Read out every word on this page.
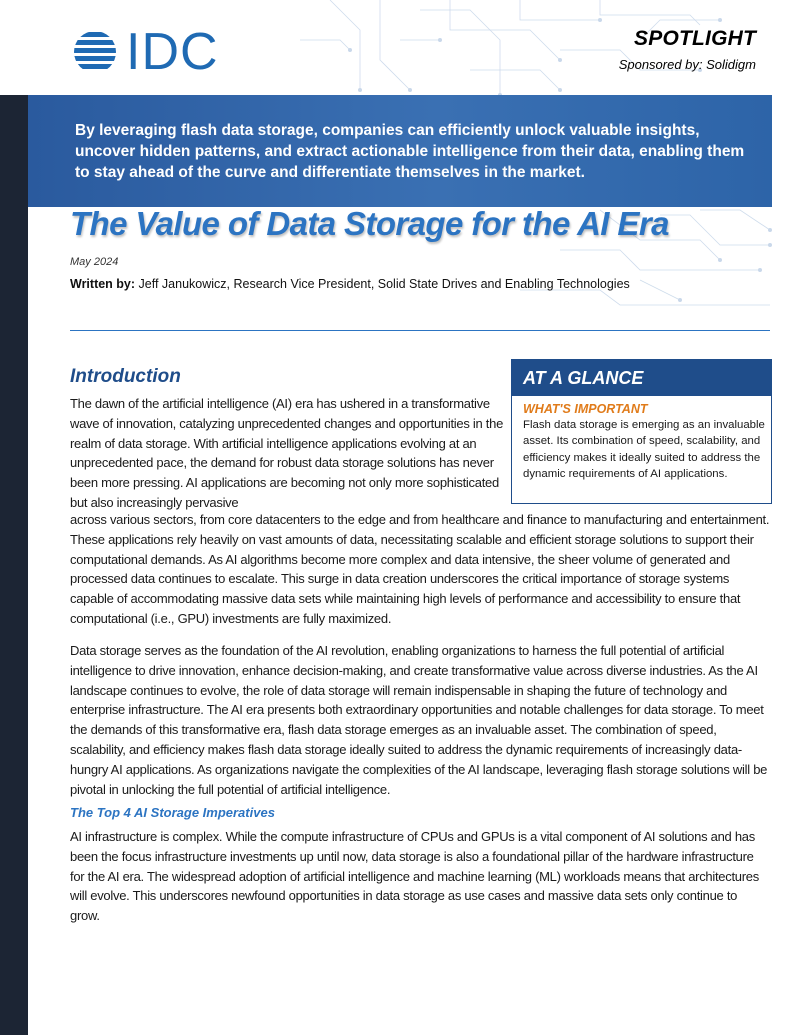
IDC	SPOTLIGHT
Sponsored by: Solidigm
By leveraging flash data storage, companies can efficiently unlock valuable insights, uncover hidden patterns, and extract actionable intelligence from their data, enabling them to stay ahead of the curve and differentiate themselves in the market.
The Value of Data Storage for the AI Era
May 2024
Written by: Jeff Janukowicz, Research Vice President, Solid State Drives and Enabling Technologies
Introduction	AT A GLANCE
WHAT'S IMPORTANT
Flash data storage is emerging as an invaluable asset. Its combination of speed, scalability, and efficiency makes it ideally suited to address the dynamic requirements of AI applications.
The dawn of the artificial intelligence (AI) era has ushered in a transformative wave of innovation, catalyzing unprecedented changes and opportunities in the realm of data storage. With artificial intelligence applications evolving at an unprecedented pace, the demand for robust data storage solutions has never been more pressing. AI applications are becoming not only more sophisticated but also increasingly pervasive
across various sectors, from core datacenters to the edge and from healthcare and finance to manufacturing and entertainment. These applications rely heavily on vast amounts of data, necessitating scalable and efficient storage solutions to support their computational demands. As AI algorithms become more complex and data intensive, the sheer volume of generated and processed data continues to escalate. This surge in data creation underscores the critical importance of storage systems capable of accommodating massive data sets while maintaining high levels of performance and accessibility to ensure that computational (i.e., GPU) investments are fully maximized.
Data storage serves as the foundation of the AI revolution, enabling organizations to harness the full potential of artificial intelligence to drive innovation, enhance decision-making, and create transformative value across diverse industries. As the AI landscape continues to evolve, the role of data storage will remain indispensable in shaping the future of technology and enterprise infrastructure. The AI era presents both extraordinary opportunities and notable challenges for data storage. To meet the demands of this transformative era, flash data storage emerges as an invaluable asset. The combination of speed, scalability, and efficiency makes flash data storage ideally suited to address the dynamic requirements of increasingly data-hungry AI applications. As organizations navigate the complexities of the AI landscape, leveraging flash storage solutions will be pivotal in unlocking the full potential of artificial intelligence.
The Top 4 AI Storage Imperatives
AI infrastructure is complex. While the compute infrastructure of CPUs and GPUs is a vital component of AI solutions and has been the focus infrastructure investments up until now, data storage is also a foundational pillar of the hardware infrastructure for the AI era. The widespread adoption of artificial intelligence and machine learning (ML) workloads means that architectures will evolve. This underscores newfound opportunities in data storage as use cases and massive data sets only continue to grow.
